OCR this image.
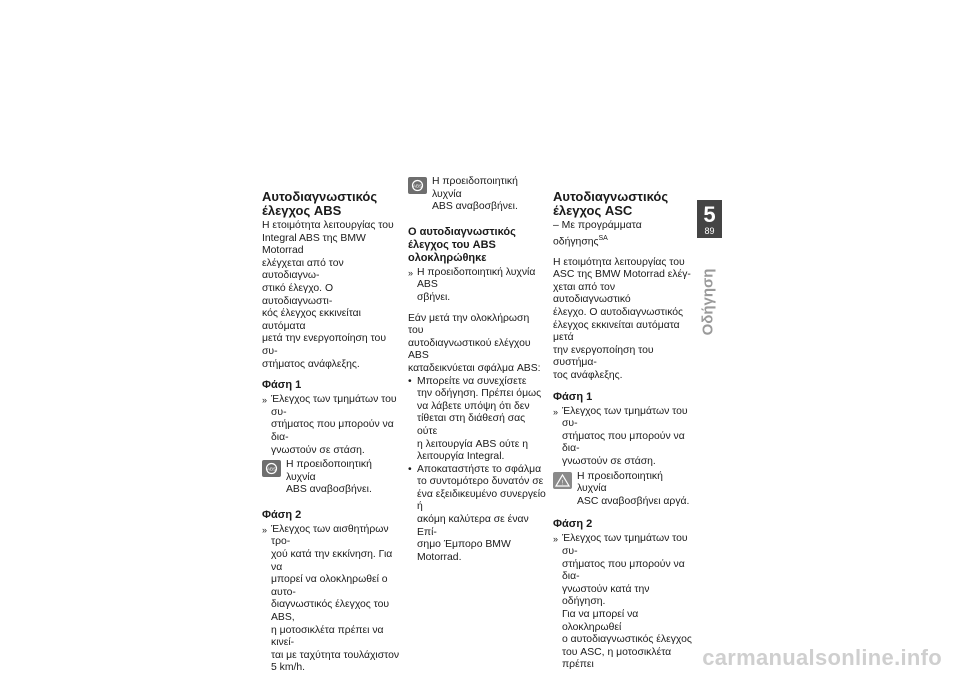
Αυτοδιαγνωστικός έλεγχος ABS

Η ετοιμότητα λειτουργίας του
Integral ABS της BMW Motorrad
ελέγχεται από τον αυτοδιαγνω-
στικό έλεγχο. Ο αυτοδιαγνωστι-
κός έλεγχος εκκινείται αυτόματα
μετά την ενεργοποίηση του συ-
στήματος ανάφλεξης.

Φάση 1
» Έλεγχος των τμημάτων του συ-
στήματος που μπορούν να δια-
γνωστούν σε στάση.
ABS Η προειδοποιητική λυχνία
ABS αναβοσβήνει.
Φάση 2
» Έλεγχος των αισθητήρων τρο-
χού κατά την εκκίνηση. Για να
μπορεί να ολοκληρωθεί ο αυτο-
διαγνωστικός έλεγχος του ABS,
η μοτοσικλέτα πρέπει να κινεί-
ται με ταχύτητα τουλάχιστον
5 km/h.
ABS Η προειδοποιητική λυχνία
ABS αναβοσβήνει.
Ο αυτοδιαγνωστικός έλεγχος του ABS ολοκληρώθηκε
» Η προειδοποιητική λυχνία ABS
σβήνει.

Εάν μετά την ολοκλήρωση του
αυτοδιαγνωστικού ελέγχου ABS
καταδεικνύεται σφάλμα ABS:

• Μπορείτε να συνεχίσετε
την οδήγηση. Πρέπει όμως
να λάβετε υπόψη ότι δεν
τίθεται στη διάθεσή σας ούτε
η λειτουργία ABS ούτε η
λειτουργία Integral.
• Αποκαταστήστε το σφάλμα
το συντομότερο δυνατόν σε
ένα εξειδικευμένο συνεργείο ή
ακόμη καλύτερα σε έναν Επί-
σημο Έμπορο BMW Motorrad.
Αυτοδιαγνωστικός έλεγχος ASC

– Με προγράμματα οδήγησης$^{SA}$

Η ετοιμότητα λειτουργίας του
ASC της BMW Motorrad ελέγ-
χεται από τον αυτοδιαγνωστικό
έλεγχο. Ο αυτοδιαγνωστικός
έλεγχος εκκινείται αυτόματα μετά
την ενεργοποίηση του συστήμα-
τος ανάφλεξης.

Φάση 1
» Έλεγχος των τμημάτων του συ-
στήματος που μπορούν να δια-
γνωστούν σε στάση.
!
Η προειδοποιητική λυχνία
ASC αναβοσβήνει αργά.
Φάση 2
» Έλεγχος των τμημάτων του συ-
στήματος που μπορούν να δια-
γνωστούν κατά την οδήγηση.
Για να μπορεί να ολοκληρωθεί
ο αυτοδιαγνωστικός έλεγχος
του ASC, η μοτοσικλέτα πρέπει
5
89
Οδήγηση
carmanualsonline.info
